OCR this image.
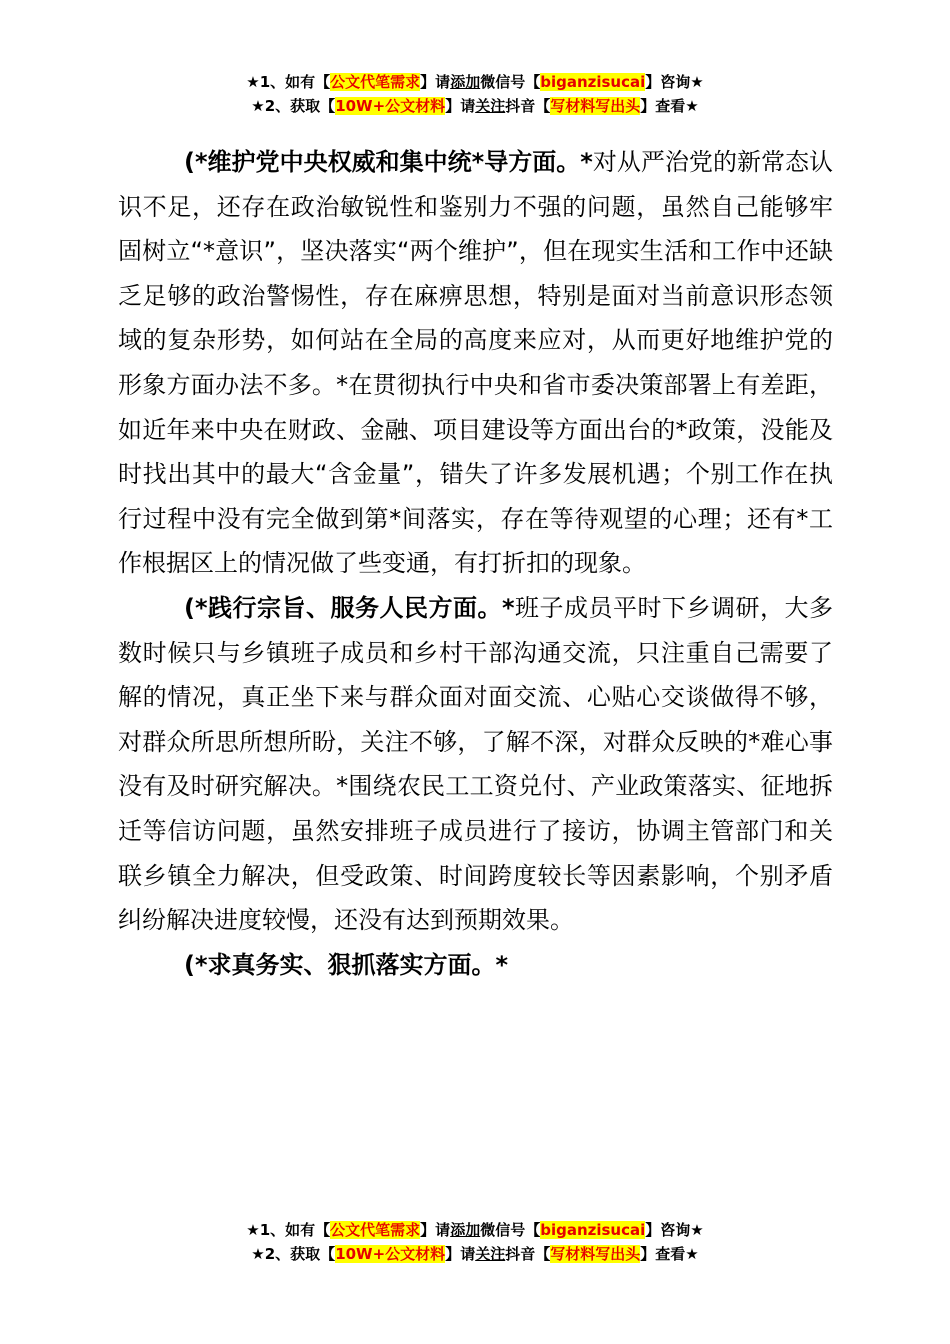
★1、如有【公文代笔需求】请添加微信号【biganzisucai】咨询★
★2、获取【10W+公文材料】请关注抖音【写材料写出头】查看★

(*维护党中央权威和集中统*导方面。*对从严治党的新常态认识不足，还存在政治敏锐性和鉴别力不强的问题，虽然自己能够牢固树立“*意识”，坚决落实“两个维护”，但在现实生活和工作中还缺乏足够的政治警惕性，存在麻痹思想，特别是面对当前意识形态领域的复杂形势，如何站在全局的高度来应对，从而更好地维护党的形象方面办法不多。*在贯彻执行中央和省市委决策部署上有差距，如近年来中央在财政、金融、项目建设等方面出台的*政策，没能及时找出其中的最大“含金量”，错失了许多发展机遇；个别工作在执行过程中没有完全做到第*间落实，存在等待观望的心理；还有*工作根据区上的情况做了些变通，有打折扣的现象。

(*践行宗旨、服务人民方面。*班子成员平时下乡调研，大多数时候只与乡镇班子成员和乡村干部沟通交流，只注重自己需要了解的情况，真正坐下来与群众面对面交流、心贴心交谈做得不够，对群众所思所想所盼，关注不够，了解不深，对群众反映的*难心事没有及时研究解决。*围绕农民工工资兑付、产业政策落实、征地拆迁等信访问题，虽然安排班子成员进行了接访，协调主管部门和关联乡镇全力解决，但受政策、时间跨度较长等因素影响，个别矛盾纠纷解决进度较慢，还没有达到预期效果。

(*求真务实、狠抓落实方面。*

★1、如有【公文代笔需求】请添加微信号【biganzisucai】咨询★
★2、获取【10W+公文材料】请关注抖音【写材料写出头】查看★
